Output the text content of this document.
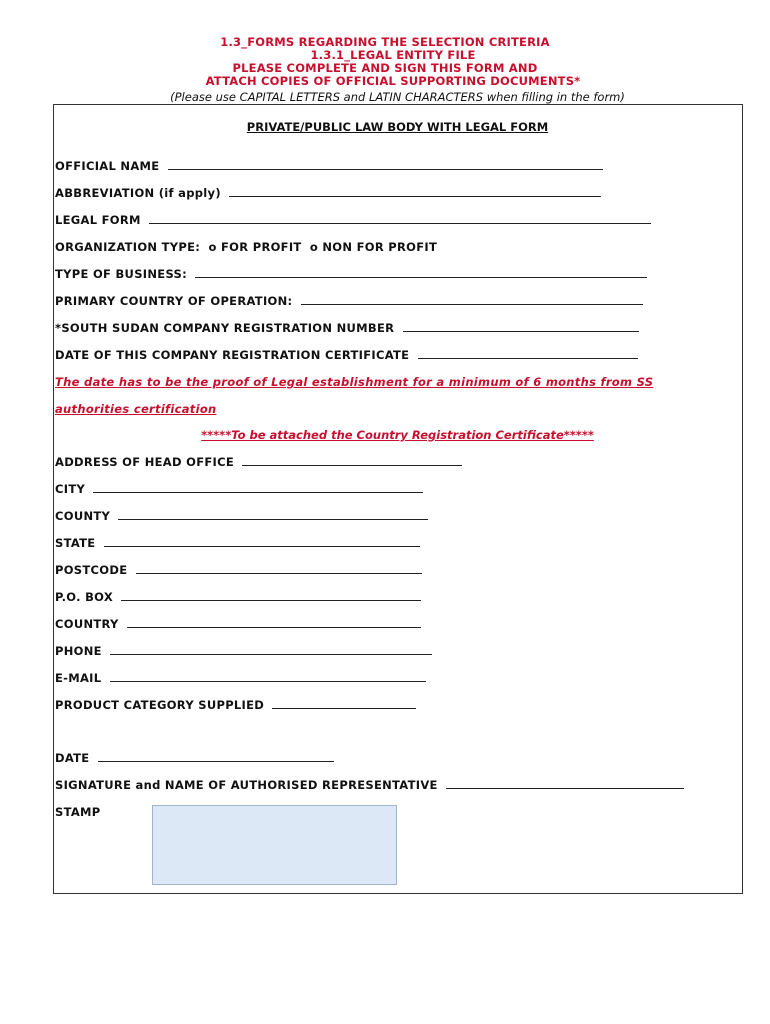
1.3_FORMS REGARDING THE SELECTION CRITERIA
1.3.1_LEGAL ENTITY FILE
PLEASE COMPLETE AND SIGN THIS FORM AND
ATTACH COPIES OF OFFICIAL SUPPORTING DOCUMENTS*
(Please use CAPITAL LETTERS and LATIN CHARACTERS when filling in the form)
PRIVATE/PUBLIC LAW BODY WITH LEGAL FORM
OFFICIAL NAME
ABBREVIATION (if apply)
LEGAL FORM
ORGANIZATION TYPE: o FOR PROFIT o NON FOR PROFIT
TYPE OF BUSINESS:
PRIMARY COUNTRY OF OPERATION:
*SOUTH SUDAN COMPANY REGISTRATION NUMBER
DATE OF THIS COMPANY REGISTRATION CERTIFICATE
The date has to be the proof of Legal establishment for a minimum of 6 months from SS
authorities certification
*****To be attached the Country Registration Certificate*****
ADDRESS OF HEAD OFFICE
CITY
COUNTY
STATE
POSTCODE
P.O. BOX
COUNTRY
PHONE
E-MAIL
PRODUCT CATEGORY SUPPLIED
DATE
SIGNATURE and NAME OF AUTHORISED REPRESENTATIVE
STAMP
